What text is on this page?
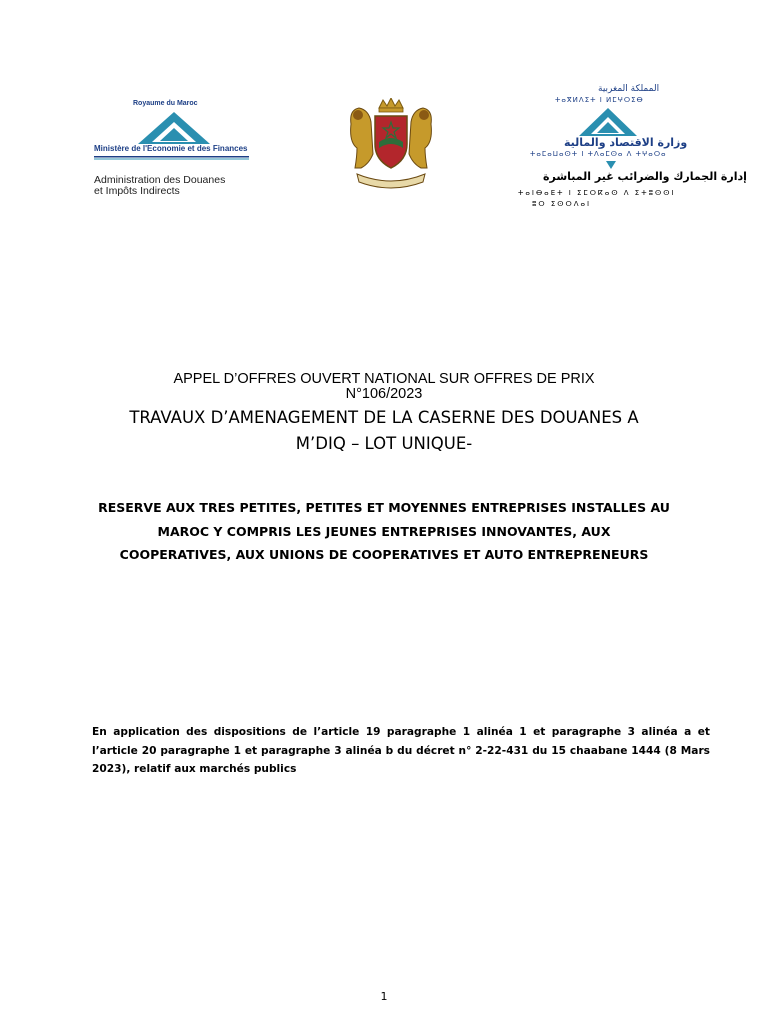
Royaume du Maroc
Ministère de l'Economie et des Finances
Administration des Douanes
et Impôts Indirects
المملكة المغربية
ⵜⴰⴳⵍⴷⵉⵜ ⵏ ⵍⵎⵖⵔⵉⴱ
وزارة الاقتصاد والمالية
ⵜⴰⵎⴰⵡⴰⵙⵜ ⵏ ⵜⴷⴰⵎⵙⴰ ⴷ ⵜⵖⴰⵔⴰ
إدارة الجمارك والضرائب غير المباشرة
ⵜⴰⵏⴱⴰⴹⵜ ⵏ ⵉⵎⵔⴽⴰⵙ ⴷ ⵉⵜⵓⵙⵙⵏ
ⵓⵔ ⵉⵙⵔⴷⴰⵏ
APPEL D’OFFRES OUVERT NATIONAL SUR OFFRES DE PRIX
N°106/2023
TRAVAUX D’AMENAGEMENT DE LA CASERNE DES DOUANES A
M’DIQ – LOT UNIQUE-
RESERVE AUX TRES PETITES, PETITES ET MOYENNES ENTREPRISES INSTALLES AU
MAROC Y COMPRIS LES JEUNES ENTREPRISES INNOVANTES, AUX
COOPERATIVES, AUX UNIONS DE COOPERATIVES ET AUTO ENTREPRENEURS
En application des dispositions de l’article 19 paragraphe 1 alinéa 1 et paragraphe 3 alinéa a et l’article 20 paragraphe 1 et paragraphe 3 alinéa b du décret n° 2-22-431 du 15 chaabane 1444 (8 Mars 2023), relatif aux marchés publics
1
